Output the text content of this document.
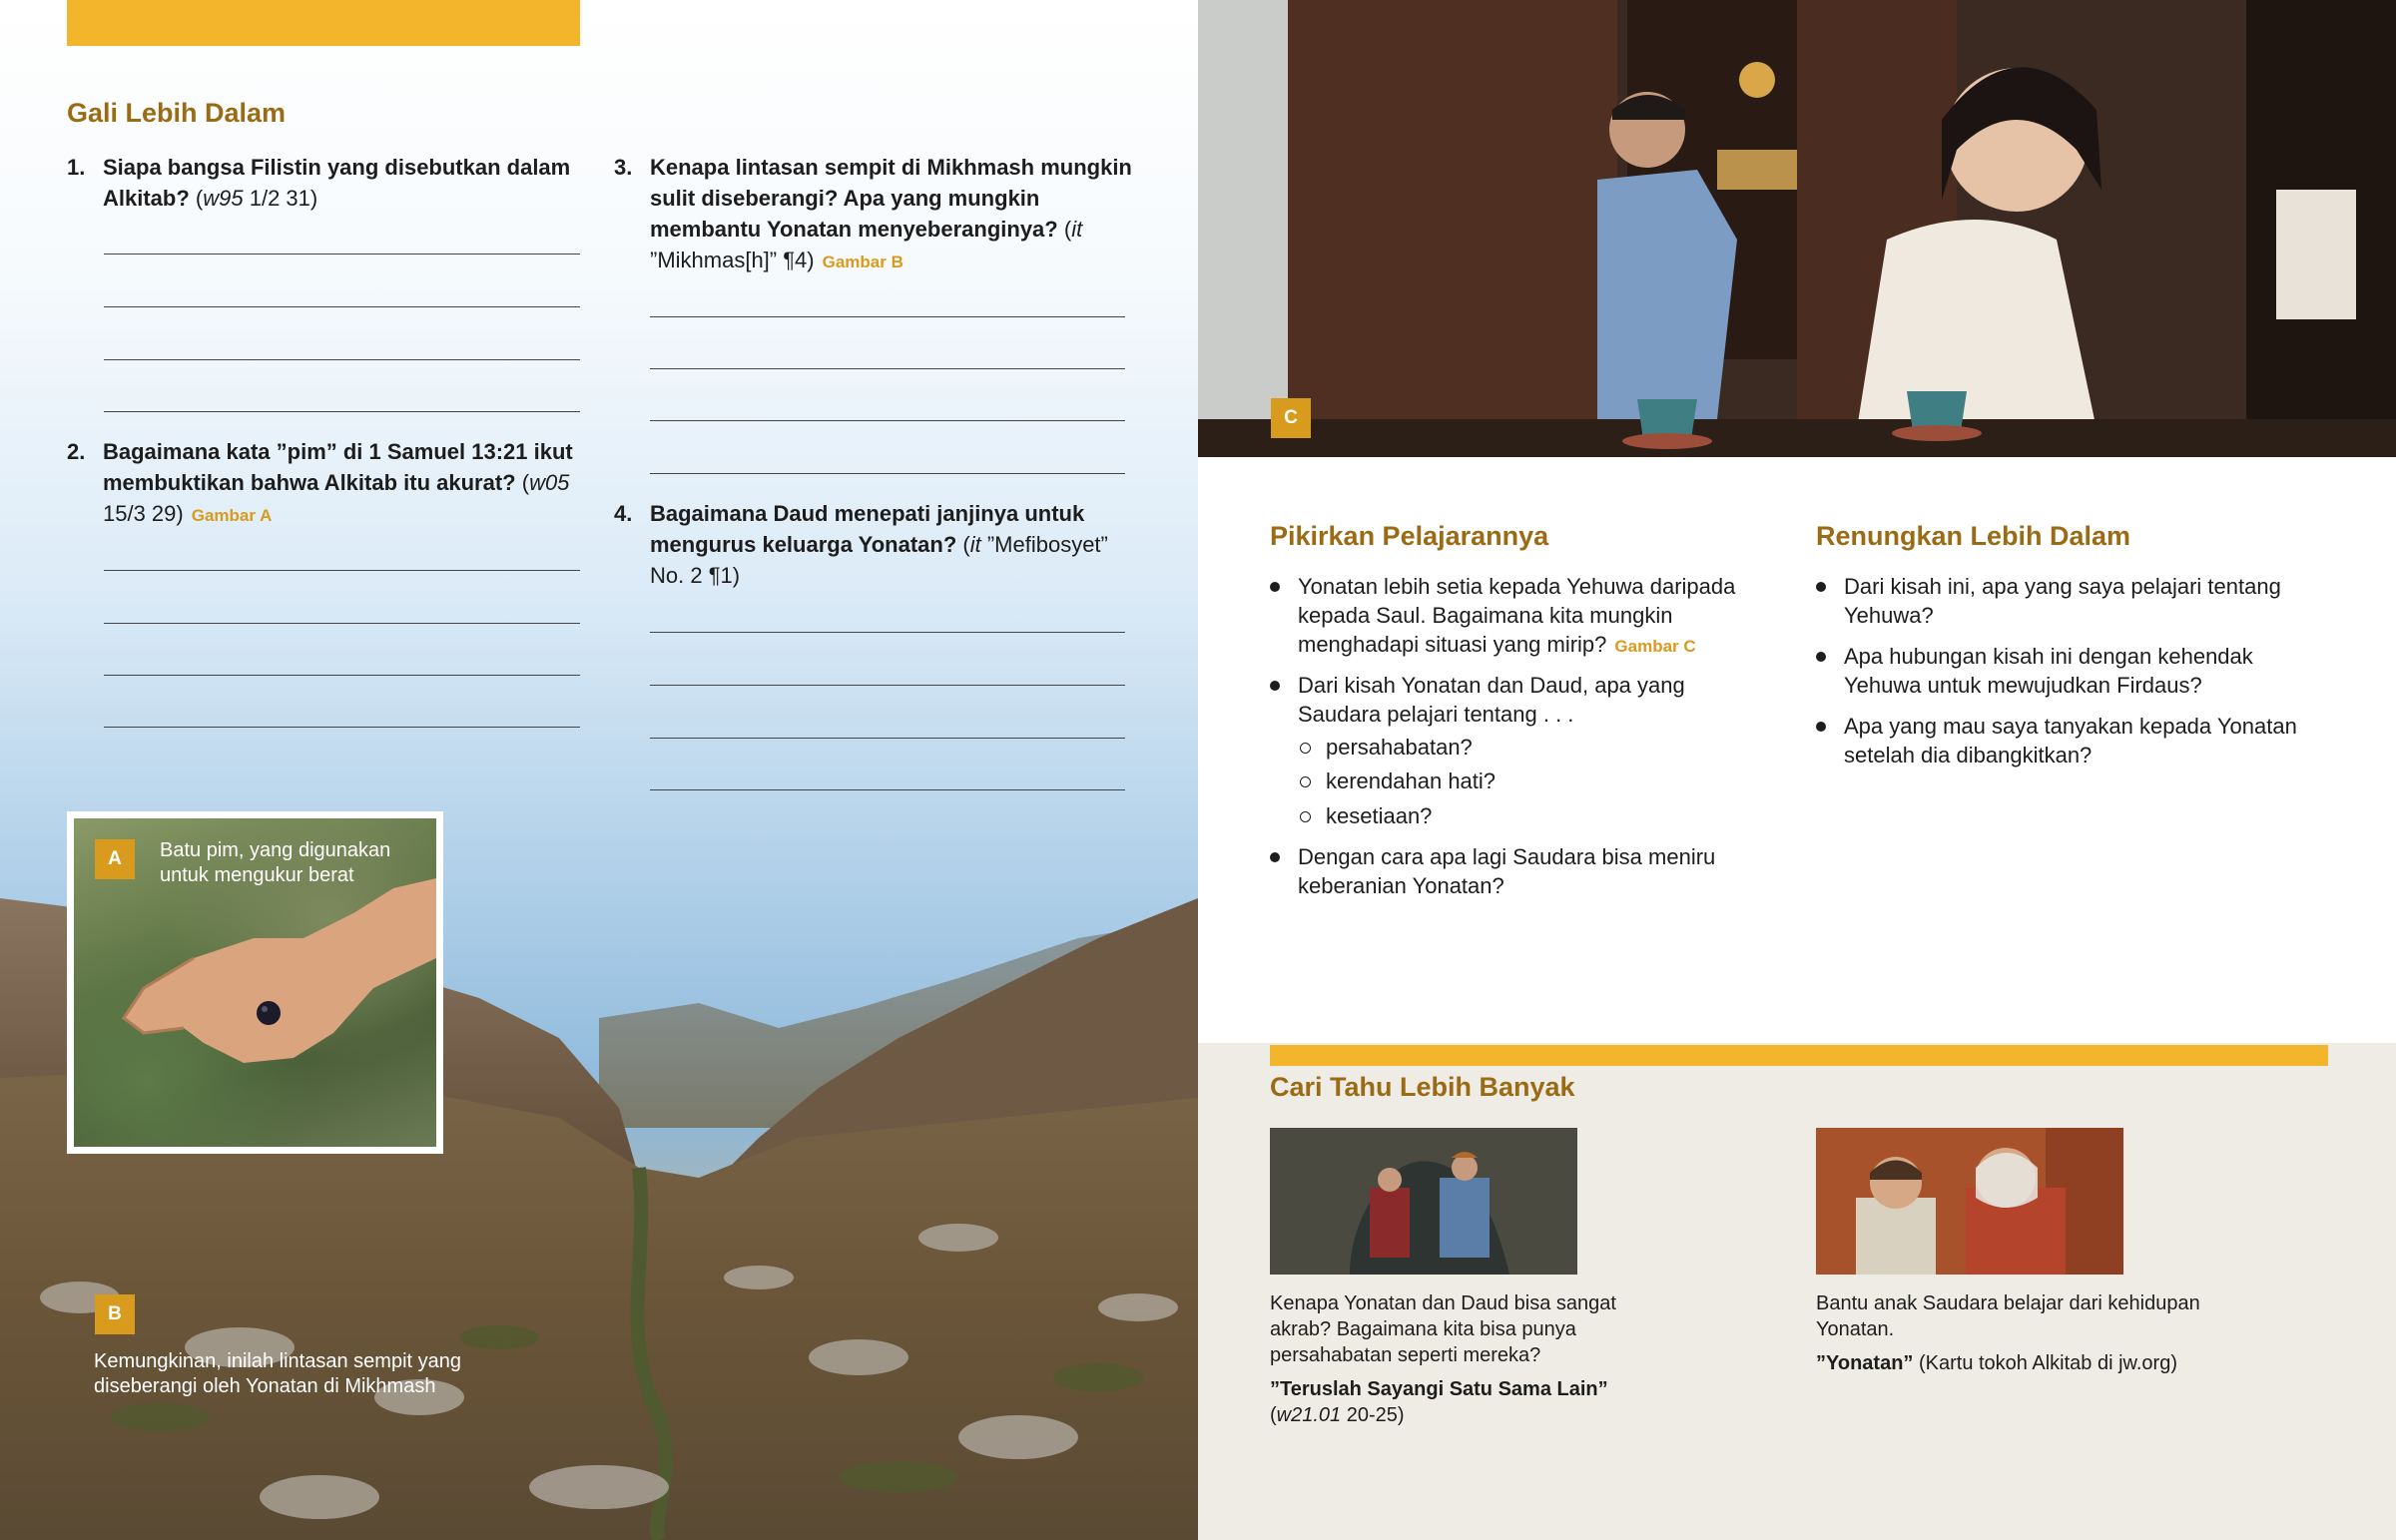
Gali Lebih Dalam
1. Siapa bangsa Filistin yang disebutkan dalam Alkitab? (w95 1/2 31)
2. Bagaimana kata ”pim” di 1 Samuel 13:21 ikut membuktikan bahwa Alkitab itu akurat? (w05 15/3 29) Gambar A
3. Kenapa lintasan sempit di Mikhmash mungkin sulit diseberangi? Apa yang mungkin membantu Yonatan menyeberanginya? (it ”Mikhmas[h]” ¶4) Gambar B
4. Bagaimana Daud menepati janjinya untuk mengurus keluarga Yonatan? (it ”Mefibosyet” No. 2 ¶1)
B
Kemungkinan, inilah lintasan sempit yang diseberangi oleh Yonatan di Mikhmash
A	Batu pim, yang digunakan untuk mengukur berat
C
Pikirkan Pelajarannya
Yonatan lebih setia kepada Yehuwa daripada kepada Saul. Bagaimana kita mungkin menghadapi situasi yang mirip? Gambar C
Dari kisah Yonatan dan Daud, apa yang Saudara pelajari tentang . . .
persahabatan?
kerendahan hati?
kesetiaan?
Dengan cara apa lagi Saudara bisa meniru keberanian Yonatan?
Renungkan Lebih Dalam
Dari kisah ini, apa yang saya pelajari tentang Yehuwa?
Apa hubungan kisah ini dengan kehendak Yehuwa untuk mewujudkan Firdaus?
Apa yang mau saya tanyakan kepada Yonatan setelah dia dibangkitkan?
Cari Tahu Lebih Banyak
Kenapa Yonatan dan Daud bisa sangat akrab? Bagaimana kita bisa punya persahabatan seperti mereka?
”Teruslah Sayangi Satu Sama Lain”
(w21.01 20-25)
Bantu anak Saudara belajar dari kehidupan Yonatan.
”Yonatan” (Kartu tokoh Alkitab di jw.org)
